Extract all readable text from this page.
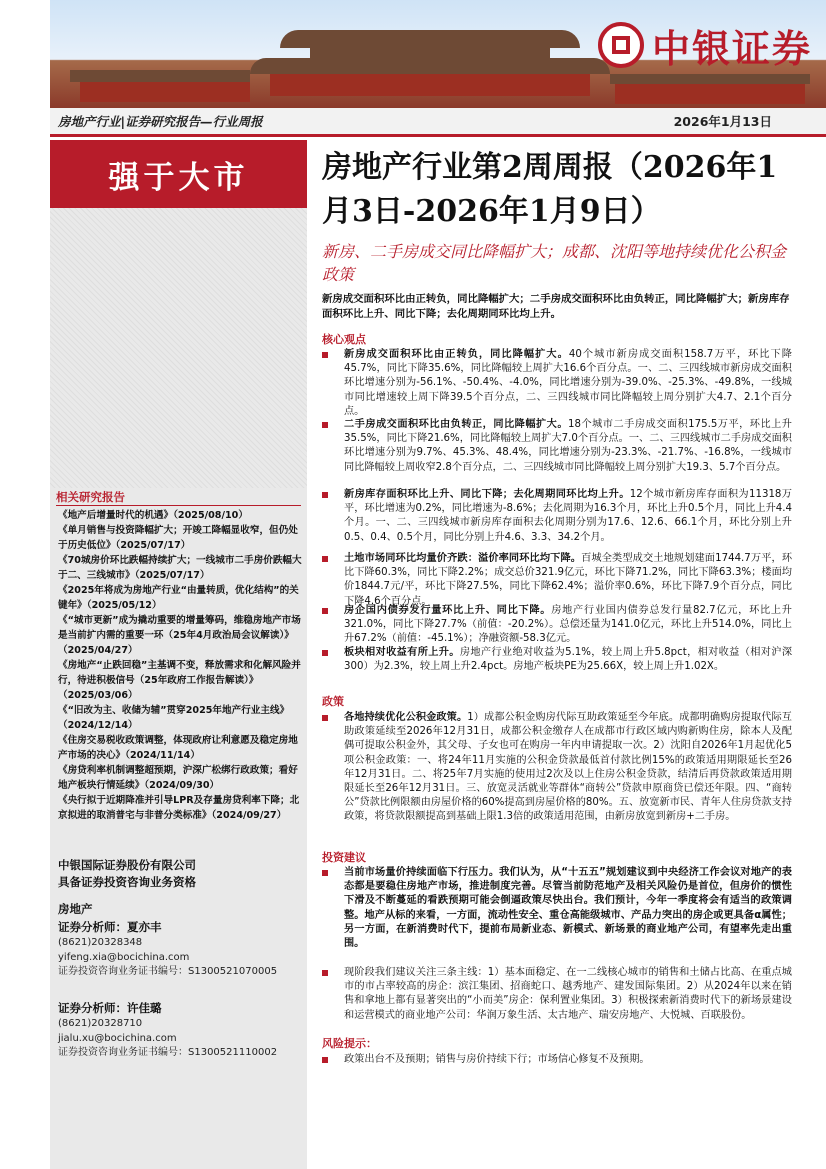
中银证券
房地产行业|证券研究报告—行业周报	2026年1月13日
强于大市
相关研究报告
《地产后增量时代的机遇》（2025/08/10）
《单月销售与投资降幅扩大；开竣工降幅显收窄，但仍处于历史低位》（2025/07/17）
《70城房价环比跌幅持续扩大；一线城市二手房价跌幅大于二、三线城市》（2025/07/17）
《2025年将成为房地产行业“由量转质，优化结构”的关键年》（2025/05/12）
《“城市更新”成为撬动重要的增量筹码，维稳房地产市场是当前扩内需的重要一环（25年4月政治局会议解读）》（2025/04/27）
《房地产“止跌回稳”主基调不变，释放需求和化解风险并行，待进积极信号（25年政府工作报告解读）》（2025/03/06）
《“旧改为主、收储为辅”贯穿2025年地产行业主线》（2024/12/14）
《住房交易税收政策调整，体现政府让利意愿及稳定房地产市场的决心》（2024/11/14）
《房贷利率机制调整超预期，沪深广松绑行政政策；看好地产板块行情延续》（2024/09/30）
《央行拟于近期降准并引导LPR及存量房贷利率下降；北京拟进的取消普宅与非普分类标准》（2024/09/27）
中银国际证券股份有限公司
具备证券投资咨询业务资格
房地产
证券分析师：夏亦丰
(8621)20328348
yifeng.xia@bocichina.com
证券投资咨询业务证书编号：S1300521070005
证券分析师：许佳璐
(8621)20328710
jialu.xu@bocichina.com
证券投资咨询业务证书编号：S1300521110002
房地产行业第2周周报（2026年1月3日-2026年1月9日）
新房、二手房成交同比降幅扩大；成都、沈阳等地持续优化公积金政策
新房成交面积环比由正转负，同比降幅扩大；二手房成交面积环比由负转正，同比降幅扩大；新房库存面积环比上升、同比下降；去化周期同环比均上升。
核心观点
新房成交面积环比由正转负，同比降幅扩大。40个城市新房成交面积158.7万平，环比下降45.7%，同比下降35.6%，同比降幅较上周扩大16.6个百分点。一、二、三四线城市新房成交面积环比增速分别为-56.1%、-50.4%、-4.0%，同比增速分别为-39.0%、-25.3%、-49.8%，一线城市同比增速较上周下降39.5个百分点，二、三四线城市同比降幅较上周分别扩大4.7、2.1个百分点。
二手房成交面积环比由负转正，同比降幅扩大。18个城市二手房成交面积175.5万平，环比上升35.5%，同比下降21.6%，同比降幅较上周扩大7.0个百分点。一、二、三四线城市二手房成交面积环比增速分别为9.7%、45.3%、48.4%，同比增速分别为-23.3%、-21.7%、-16.8%，一线城市同比降幅较上周收窄2.8个百分点，二、三四线城市同比降幅较上周分别扩大19.3、5.7个百分点。
新房库存面积环比上升、同比下降；去化周期同环比均上升。12个城市新房库存面积为11318万平，环比增速为0.2%，同比增速为-8.6%；去化周期为16.3个月，环比上升0.5个月，同比上升4.4个月。一、二、三四线城市新房库存面积去化周期分别为17.6、12.6、66.1个月，环比分别上升0.5、0.4、0.5个月，同比分别上升4.6、3.3、34.2个月。
土地市场同环比均量价齐跌：溢价率同环比均下降。百城全类型成交土地规划建面1744.7万平，环比下降60.3%，同比下降2.2%；成交总价321.9亿元，环比下降71.2%，同比下降63.3%；楼面均价1844.7元/平，环比下降27.5%，同比下降62.4%；溢价率0.6%，环比下降7.9个百分点，同比下降4.6个百分点。
房企国内债券发行量环比上升、同比下降。房地产行业国内债券总发行量82.7亿元，环比上升321.0%，同比下降27.7%（前值：-20.2%）。总偿还量为141.0亿元，环比上升514.0%，同比上升67.2%（前值：-45.1%）；净融资额-58.3亿元。
板块相对收益有所上升。房地产行业绝对收益为5.1%，较上周上升5.8pct，相对收益（相对沪深300）为2.3%，较上周上升2.4pct。房地产板块PE为25.66X，较上周上升1.02X。
政策
各地持续优化公积金政策。1）成都公积金购房代际互助政策延至今年底。成都明确购房提取代际互助政策延续至2026年12月31日，成都公积金缴存人在成都市行政区域内购新购住房，除本人及配偶可提取公积金外，其父母、子女也可在购房一年内申请提取一次。2）沈阳自2026年1月起优化5项公积金政策：一、将24年11月实施的公积金贷款最低首付款比例15%的政策适用期限延长至26年12月31日。二、将25年7月实施的使用过2次及以上住房公积金贷款，结清后再贷款政策适用期限延长至26年12月31日。三、放宽灵活就业等群体“商转公”贷款申原商贷已偿还年限。四、“商转公”贷款比例限额由房屋价格的60%提高到房屋价格的80%。五、放宽新市民、青年人住房贷款支持政策，将贷款限额提高到基础上限1.3倍的政策适用范围，由新房放宽到新房+二手房。
投资建议
当前市场量价持续面临下行压力。我们认为，从“十五五”规划建议到中央经济工作会议对地产的表态都是要稳住房地产市场，推进制度完善。尽管当前防范地产及相关风险仍是首位，但房价的惯性下滑及不断蔓延的看跌预期可能会倒逼政策尽快出台。我们预计，今年一季度将会有适当的政策调整。地产从标的来看，一方面，流动性安全、重仓高能级城市、产品力突出的房企或更具备α属性；另一方面，在新消费时代下，提前布局新业态、新模式、新场景的商业地产公司，有望率先走出重围。
现阶段我们建议关注三条主线：1）基本面稳定、在一二线核心城市的销售和土储占比高、在重点城市的市占率较高的房企：滨江集团、招商蛇口、越秀地产、建发国际集团。2）从2024年以来在销售和拿地上都有显著突出的“小而美”房企：保利置业集团。3）积极探索新消费时代下的新场景建设和运营模式的商业地产公司：华润万象生活、太古地产、瑞安房地产、大悦城、百联股份。
风险提示：
政策出台不及预期；销售与房价持续下行；市场信心修复不及预期。
